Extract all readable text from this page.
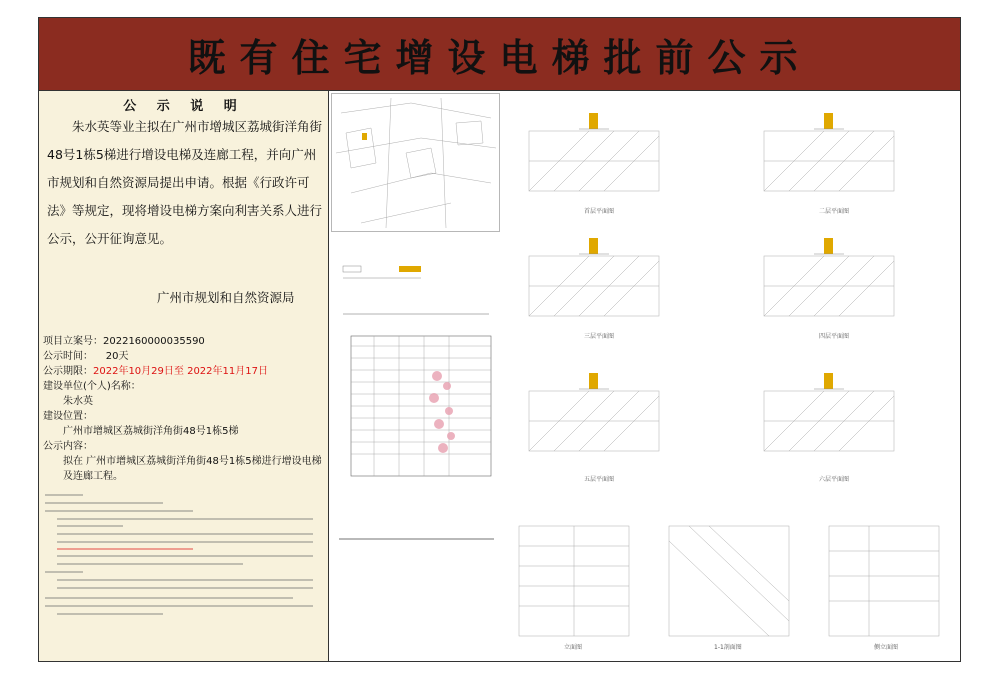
既有住宅增设电梯批前公示
公 示 说 明
朱水英等业主拟在广州市增城区荔城街洋角街48号1栋5梯进行增设电梯及连廊工程，并向广州市规划和自然资源局提出申请。根据《行政许可法》等规定，现将增设电梯方案向利害关系人进行公示，公开征询意见。
广州市规划和自然资源局
项目立案号：2022160000035590
公示时间： 20天
公示期限：2022年10月29日至 2022年11月17日
建设单位(个人)名称：
朱水英
建设位置：
广州市增城区荔城街洋角街48号1栋5梯
公示内容：
拟在 广州市增城区荔城街洋角街48号1栋5梯进行增设电梯及连廊工程。
首层平面图	二层平面图
三层平面图	四层平面图
五层平面图	六层平面图
立面图	1-1剖面图	侧立面图
